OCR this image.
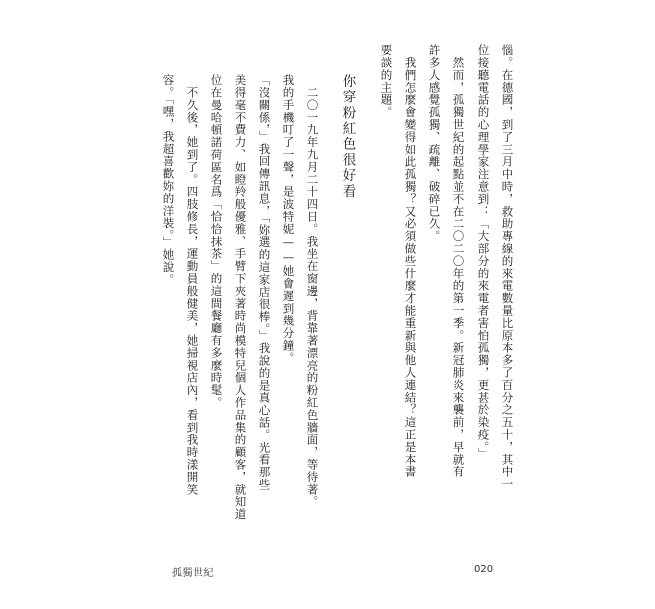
惱。在德國，到了三月中時，救助專線的來電數量比原本多了百分之五十，其中一
位接聽電話的心理學家注意到：「大部分的來電者害怕孤獨，更甚於染疫。」
　然而，孤獨世紀的起點並不在二〇二〇年的第一季。新冠肺炎來襲前，早就有
許多人感覺孤獨、疏離、破碎已久。
　我們怎麼會變得如此孤獨？又必須做些什麼才能重新與他人連結？這正是本書
要談的主題。
你穿粉紅色很好看
　二〇一九年九月二十四日。我坐在窗邊，背靠著漂亮的粉紅色牆面，等待著。
我的手機叮了一聲，是波特妮——她會遲到幾分鐘。
「沒關係，」我回傳訊息，「妳選的這家店很棒。」我說的是真心話。光看那些
美得毫不費力、如瞪羚般優雅、手臂下夾著時尚模特兒個人作品集的顧客，就知道
位在曼哈頓諾荷區名爲「恰恰抹茶」的這間餐廳有多麼時髦。
　不久後，她到了。四肢修長，運動員般健美，她掃視店內，看到我時漾開笑
容。「嘿，我超喜歡妳的洋裝。」她說。
孤獨世紀	020
